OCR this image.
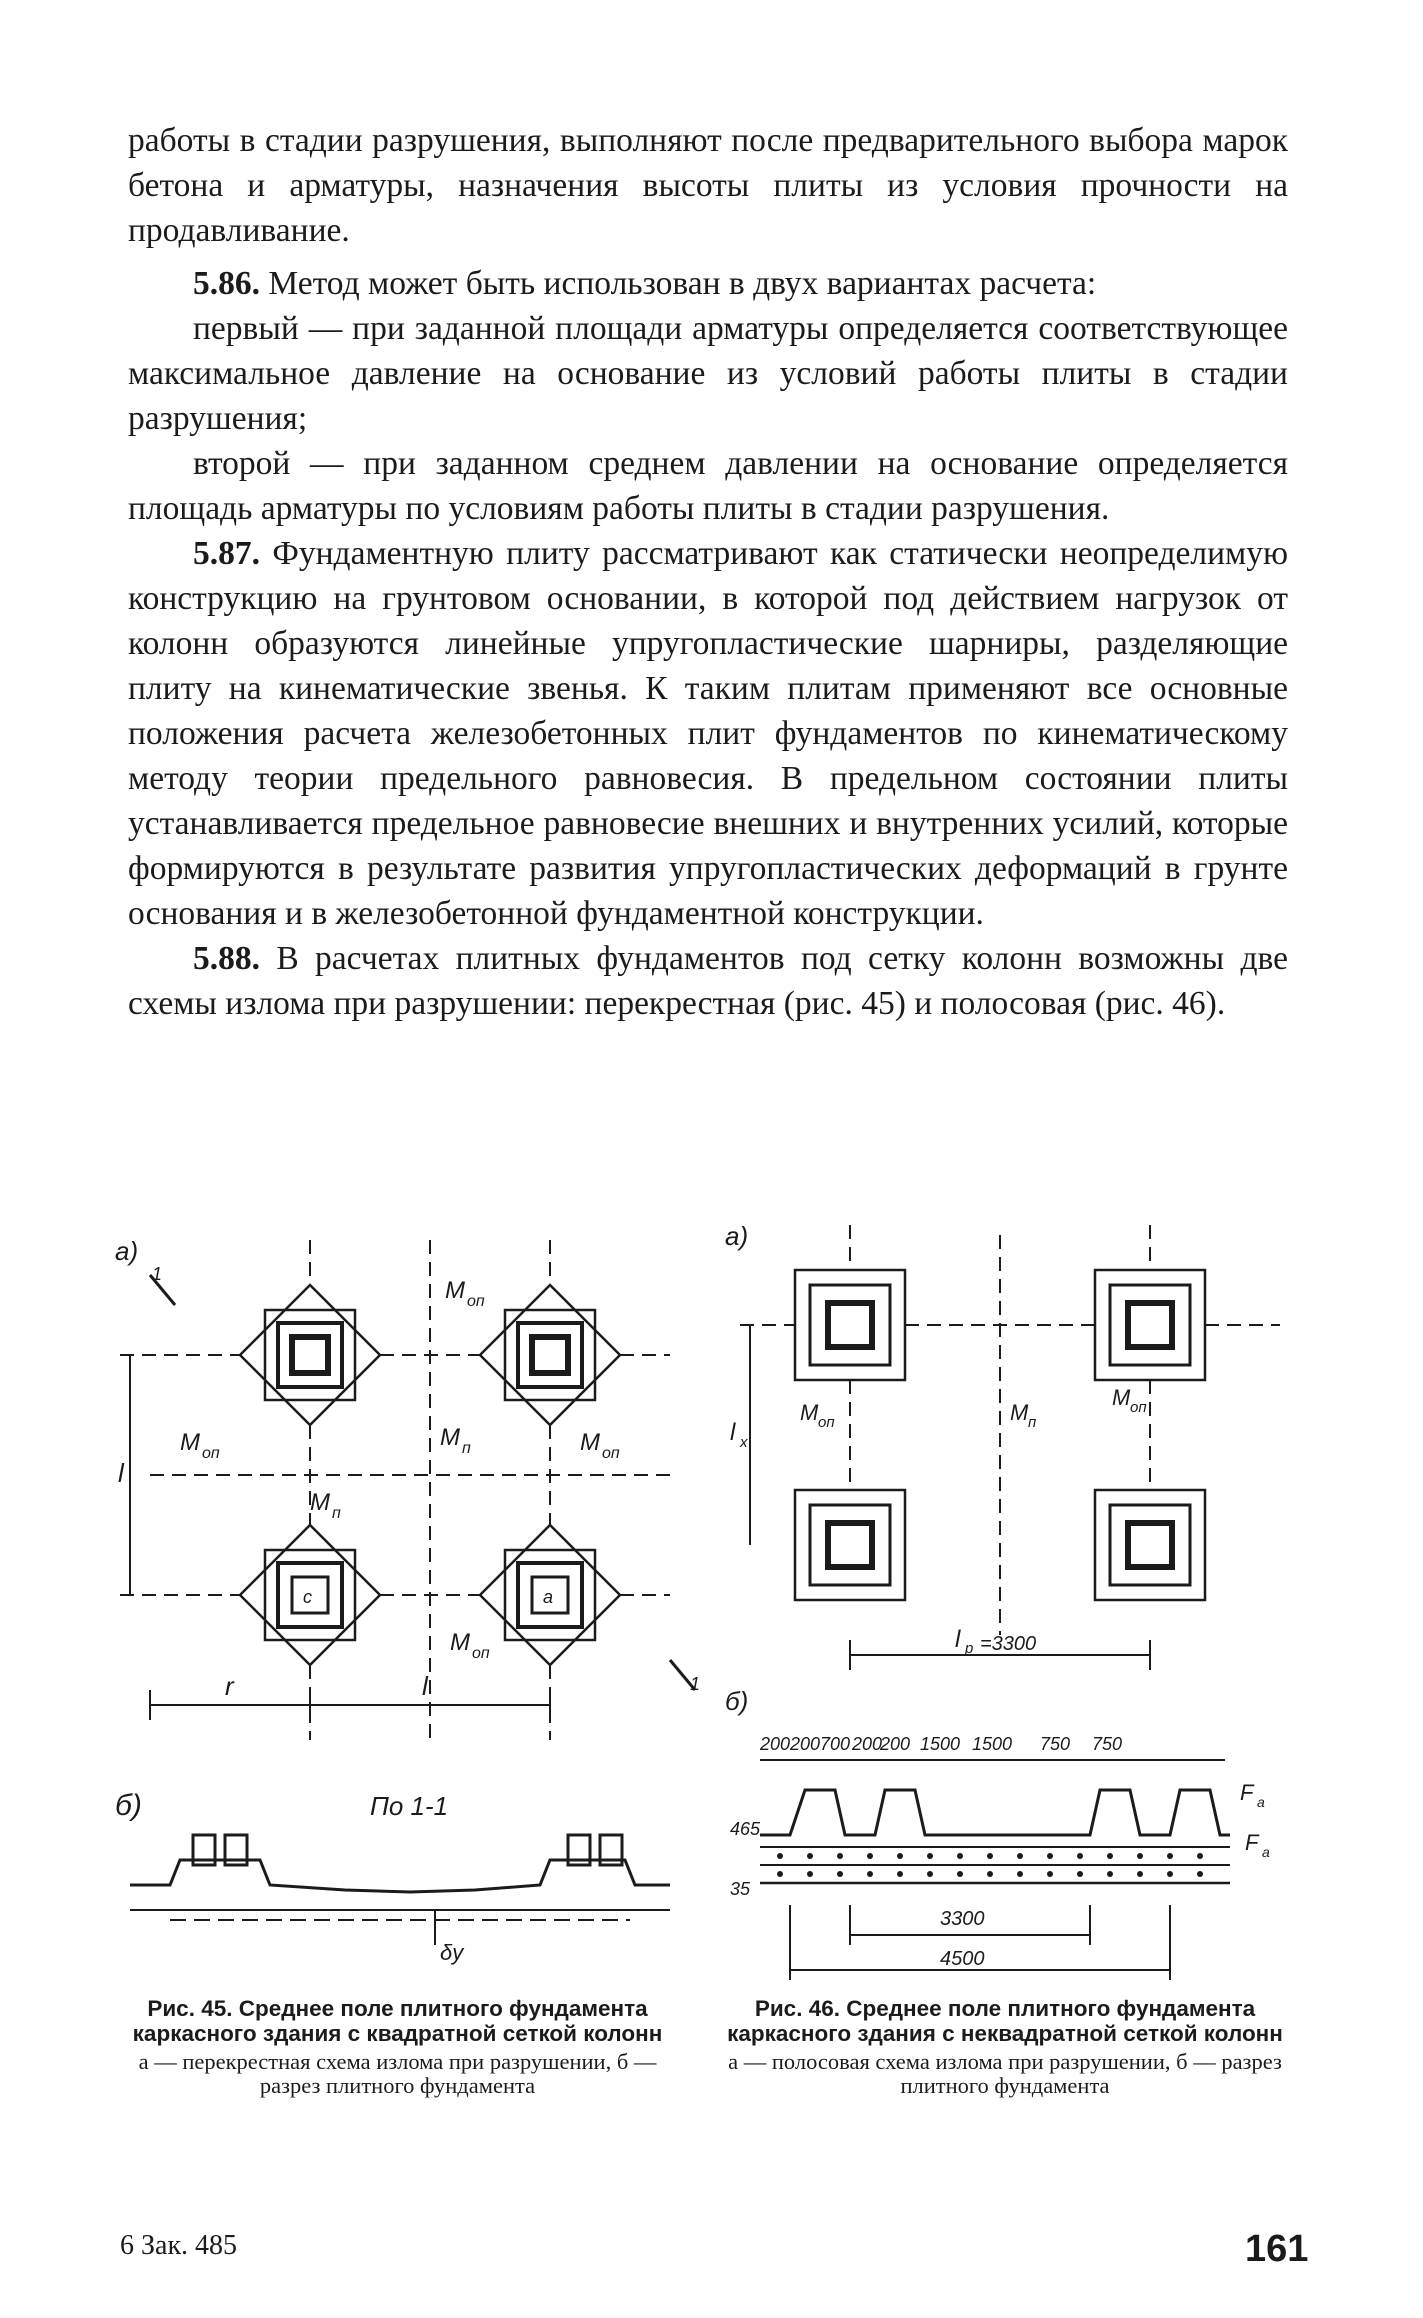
работы в стадии разрушения, выполняют после предварительного выбора марок бетона и арматуры, назначения высоты плиты из условия прочности на продавливание.

5.86. Метод может быть использован в двух вариантах расчета:

первый — при заданной площади арматуры определяется соответствующее максимальное давление на основание из условий работы плиты в стадии разрушения;

второй — при заданном среднем давлении на основание определяется площадь арматуры по условиям работы плиты в стадии разрушения.

5.87. Фундаментную плиту рассматривают как статически неопределимую конструкцию на грунтовом основании, в которой под действием нагрузок от колонн образуются линейные упругопластические шарниры, разделяющие плиту на кинематические звенья. К таким плитам применяют все основные положения расчета железобетонных плит фундаментов по кинематическому методу теории предельного равновесия. В предельном состоянии плиты устанавливается предельное равновесие внешних и внутренних усилий, которые формируются в результате развития упругопластических деформаций в грунте основания и в железобетонной фундаментной конструкции.

5.88. В расчетах плитных фундаментов под сетку колонн возможны две схемы излома при разрушении: перекрестная (рис. 45) и полосовая (рис. 46).

а)
б)	По 1-1
M оп
M п
M п
M оп
M оп
M оп
r	l
l
с	а
1
1
δу

Рис. 45. Среднее поле плитного фундамента каркасного здания с квадратной сеткой колонн

а — перекрестная схема излома при разрушении, б — разрез плитного фундамента

а)
б)
M оп	M п
M оп
l x
l p =3300
200 200 700 200
200 1500 1500 750 750
3300
4500
35
465
F a
F a

Рис. 46. Среднее поле плитного фундамента каркасного здания с неквадратной сеткой колонн

а — полосовая схема излома при разрушении, б — разрез плитного фундамента

6 Зак. 485	161
